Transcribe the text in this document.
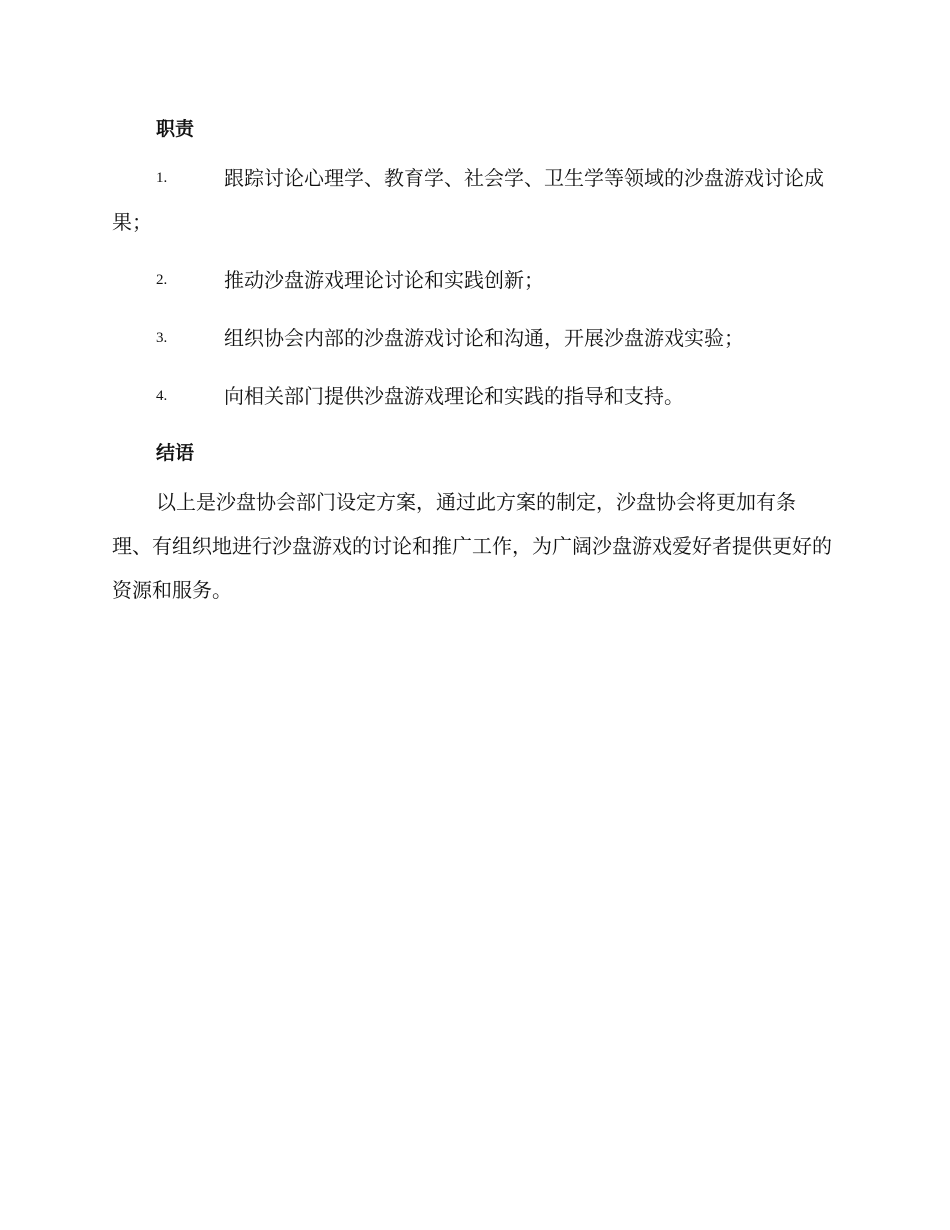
职责
1.	跟踪讨论心理学、教育学、社会学、卫生学等领域的沙盘游戏讨论成果；
2.	推动沙盘游戏理论讨论和实践创新；
3.	组织协会内部的沙盘游戏讨论和沟通，开展沙盘游戏实验；
4.	向相关部门提供沙盘游戏理论和实践的指导和支持。
结语

以上是沙盘协会部门设定方案，通过此方案的制定，沙盘协会将更加有条理、有组织地进行沙盘游戏的讨论和推广工作，为广阔沙盘游戏爱好者提供更好的资源和服务。
